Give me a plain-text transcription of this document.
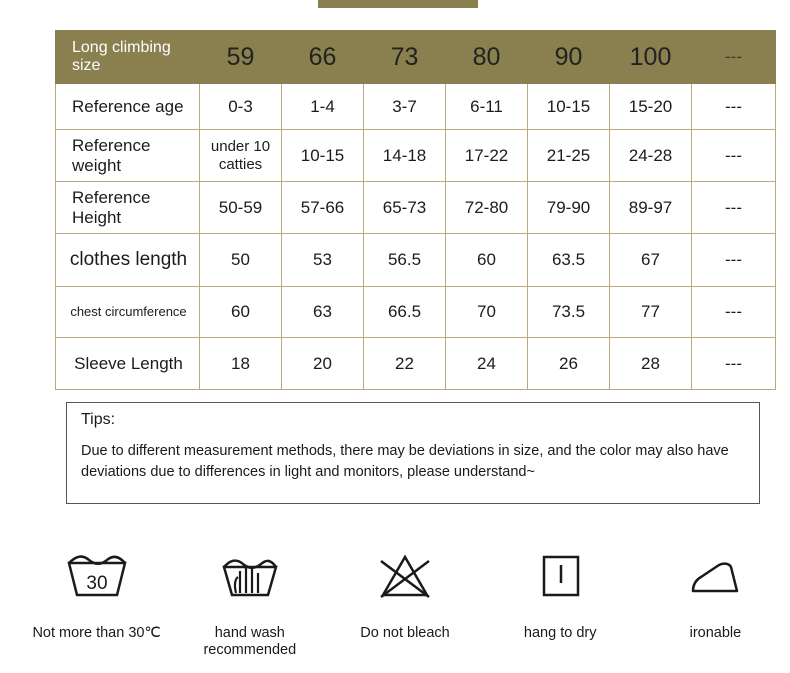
Long climbing size	59	66	73	80	90	100	---
Reference age	0-3	1-4	3-7	6-11	10-15	15-20	---
Reference weight	under 10 catties	10-15	14-18	17-22	21-25	24-28	---
Reference Height	50-59	57-66	65-73	72-80	79-90	89-97	---
clothes length	50	53	56.5	60	63.5	67	---
chest circumference	60	63	66.5	70	73.5	77	---
Sleeve Length	18	20	22	24	26	28	---
Tips:
Due to different measurement methods, there may be deviations in size, and the color may also have deviations due to differences in light and monitors, please understand~
30
Not more than 30℃	hand wash recommended
Do not bleach	hang to dry	ironable
